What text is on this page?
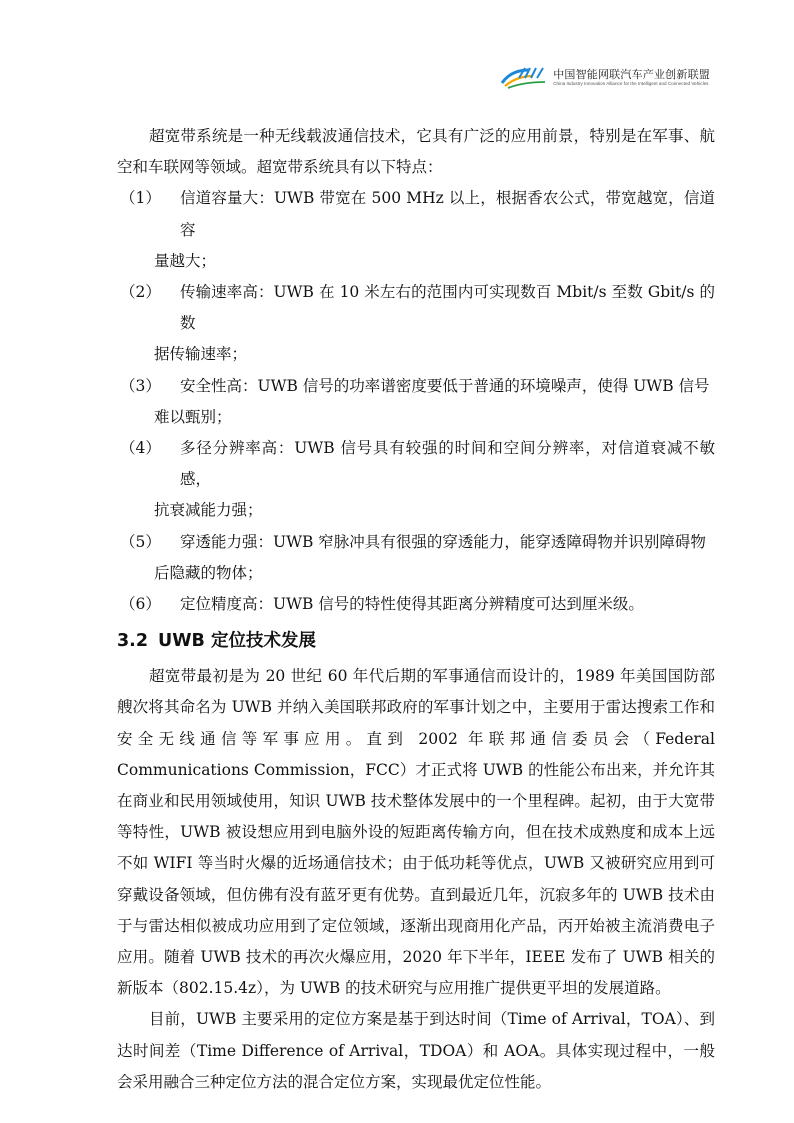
中国智能网联汽车产业创新联盟
China Industry Innovation Alliance for the Intelligent and Connected Vehicles

超宽带系统是一种无线载波通信技术，它具有广泛的应用前景，特别是在军事、航空和车联网等领域。超宽带系统具有以下特点：

（1）	信道容量大：UWB 带宽在 500 MHz 以上，根据香农公式，带宽越宽，信道容
量越大；
（2）	传输速率高：UWB 在 10 米左右的范围内可实现数百 Mbit/s 至数 Gbit/s 的数
据传输速率；
（3）	安全性高：UWB 信号的功率谱密度要低于普通的环境噪声，使得 UWB 信号
难以甄别；
（4）	多径分辨率高：UWB 信号具有较强的时间和空间分辨率，对信道衰减不敏感，
抗衰减能力强；
（5）	穿透能力强：UWB 窄脉冲具有很强的穿透能力，能穿透障碍物并识别障碍物
后隐藏的物体；
（6）	定位精度高：UWB 信号的特性使得其距离分辨精度可达到厘米级。
3.2 UWB 定位技术发展

超宽带最初是为 20 世纪 60 年代后期的军事通信而设计的，1989 年美国国防部艘次将其命名为 UWB 并纳入美国联邦政府的军事计划之中，主要用于雷达搜索工作和安全无线通信等军事应用。直到 2002 年联邦通信委员会（Federal Communications Commission，FCC）才正式将 UWB 的性能公布出来，并允许其在商业和民用领域使用，知识 UWB 技术整体发展中的一个里程碑。起初，由于大宽带等特性，UWB 被设想应用到电脑外设的短距离传输方向，但在技术成熟度和成本上远不如 WIFI 等当时火爆的近场通信技术；由于低功耗等优点，UWB 又被研究应用到可穿戴设备领域，但仿佛有没有蓝牙更有优势。直到最近几年，沉寂多年的 UWB 技术由于与雷达相似被成功应用到了定位领域，逐渐出现商用化产品，丙开始被主流消费电子应用。随着 UWB 技术的再次火爆应用，2020 年下半年，IEEE 发布了 UWB 相关的新版本（802.15.4z），为 UWB 的技术研究与应用推广提供更平坦的发展道路。

目前，UWB 主要采用的定位方案是基于到达时间（Time of Arrival，TOA）、到达时间差（Time Difference of Arrival，TDOA）和 AOA。具体实现过程中，一般会采用融合三种定位方法的混合定位方案，实现最优定位性能。
